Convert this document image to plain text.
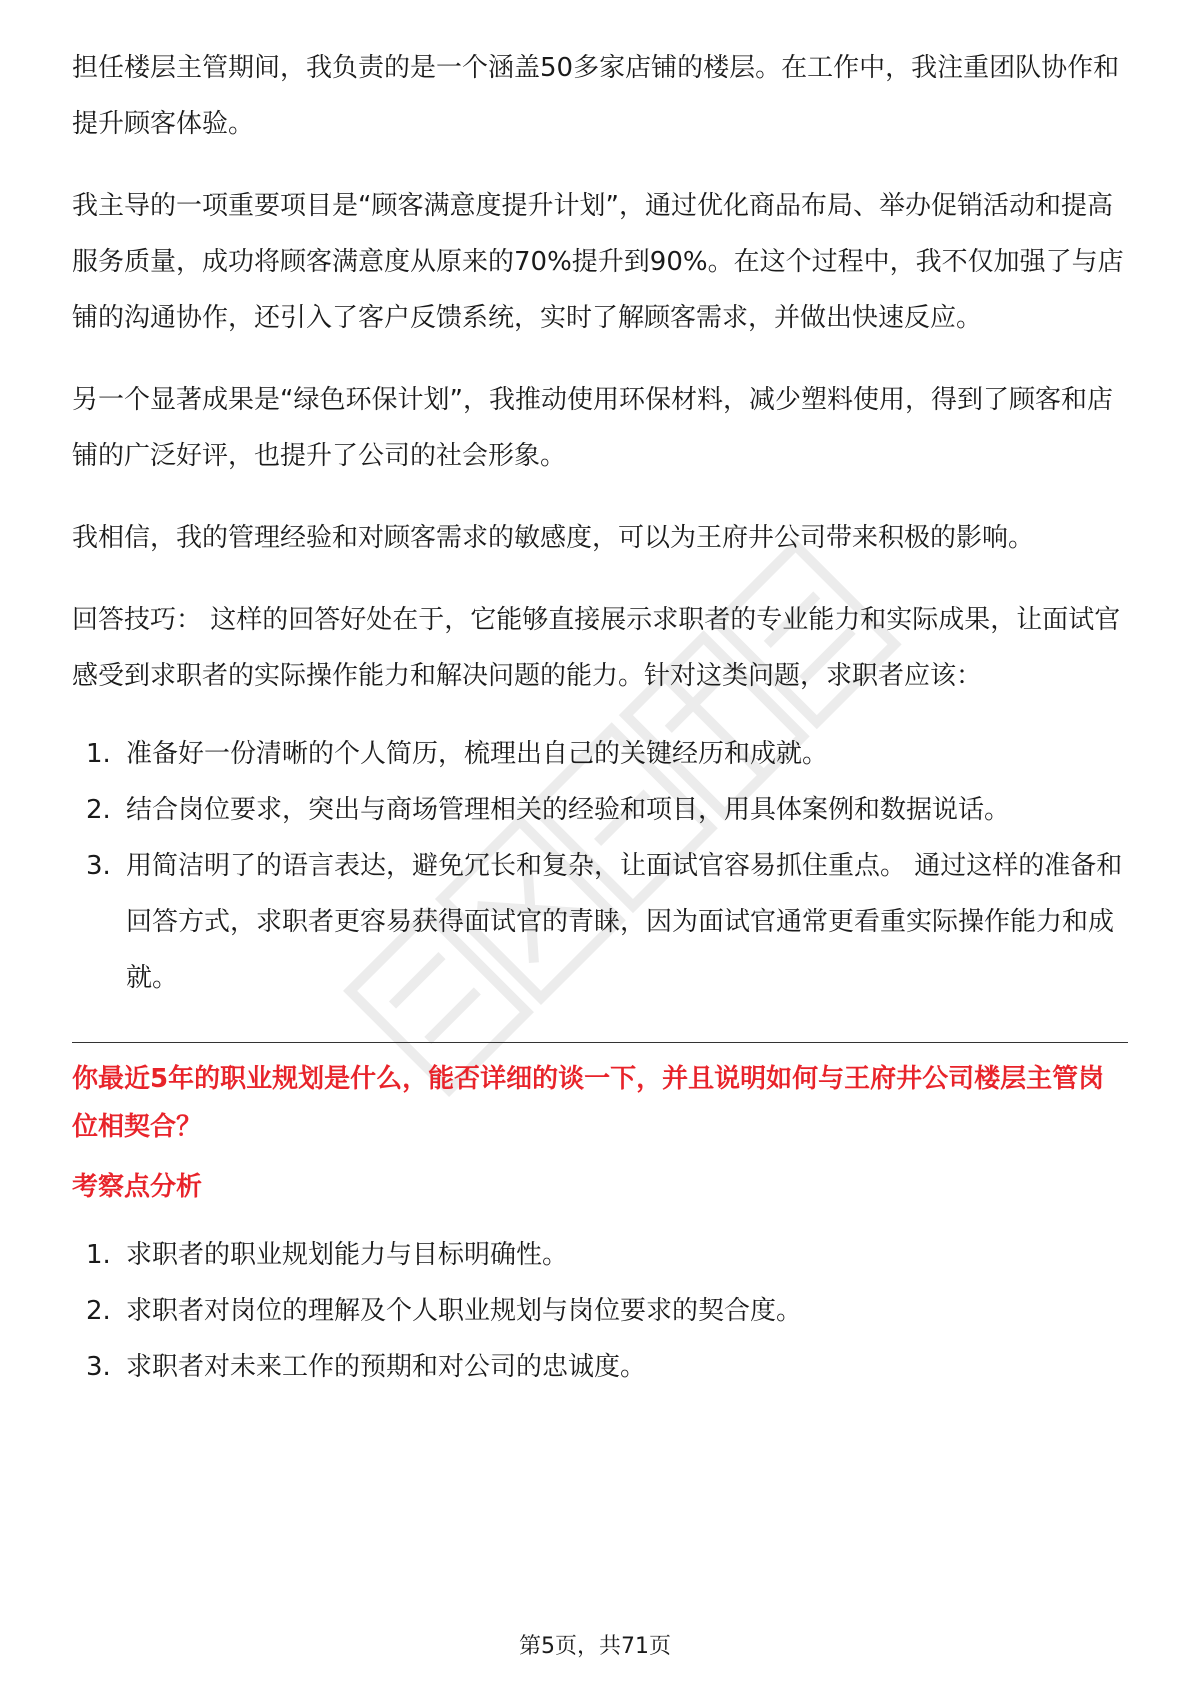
担任楼层主管期间，我负责的是一个涵盖50多家店铺的楼层。在工作中，我注重团队协作和提升顾客体验。

我主导的一项重要项目是“顾客满意度提升计划”，通过优化商品布局、举办促销活动和提高服务质量，成功将顾客满意度从原来的70%提升到90%。在这个过程中，我不仅加强了与店铺的沟通协作，还引入了客户反馈系统，实时了解顾客需求，并做出快速反应。

另一个显著成果是“绿色环保计划”，我推动使用环保材料，减少塑料使用，得到了顾客和店铺的广泛好评，也提升了公司的社会形象。

我相信，我的管理经验和对顾客需求的敏感度，可以为王府井公司带来积极的影响。

回答技巧： 这样的回答好处在于，它能够直接展示求职者的专业能力和实际成果，让面试官感受到求职者的实际操作能力和解决问题的能力。针对这类问题，求职者应该：

1. 准备好一份清晰的个人简历，梳理出自己的关键经历和成就。
2. 结合岗位要求，突出与商场管理相关的经验和项目，用具体案例和数据说话。
3. 用简洁明了的语言表达，避免冗长和复杂，让面试官容易抓住重点。 通过这样的准备和回答方式，求职者更容易获得面试官的青睐，因为面试官通常更看重实际操作能力和成就。

你最近5年的职业规划是什么，能否详细的谈一下，并且说明如何与王府井公司楼层主管岗位相契合？

考察点分析

1. 求职者的职业规划能力与目标明确性。
2. 求职者对岗位的理解及个人职业规划与岗位要求的契合度。
3. 求职者对未来工作的预期和对公司的忠诚度。
第5页，共71页
